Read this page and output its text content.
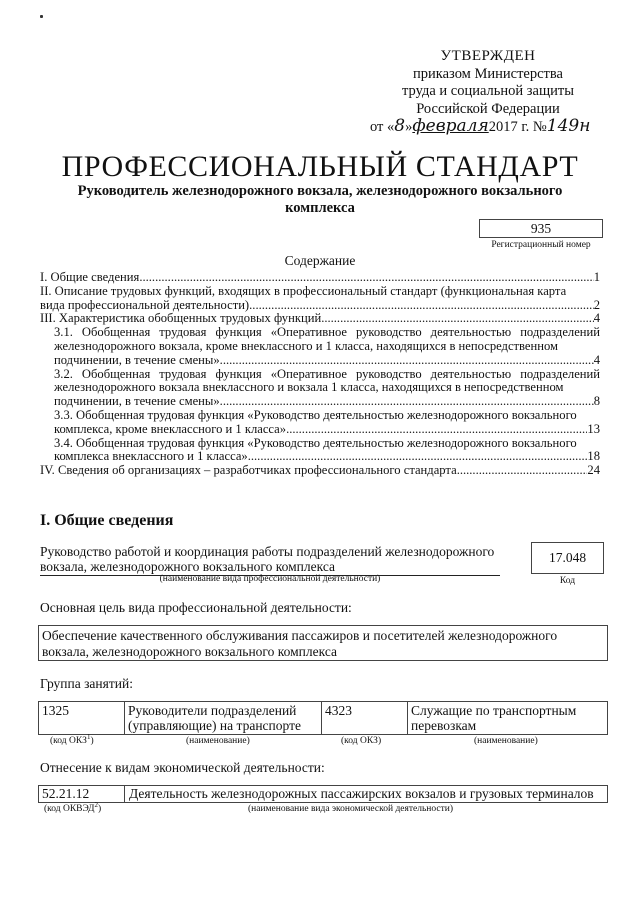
УТВЕРЖДЕН
приказом Министерства
труда и социальной защиты
Российской Федерации
от «8»февраля2017 г. №149н
ПРОФЕССИОНАЛЬНЫЙ СТАНДАРТ
Руководитель железнодорожного вокзала, железнодорожного вокзального
комплекса
935
Регистрационный номер
Содержание
I. Общие сведения .....	1
II. Описание трудовых функций, входящих в профессиональный стандарт (функциональная карта
вида профессиональной деятельности) .....	2
III. Характеристика обобщенных трудовых функций .....	4
3.1. Обобщенная трудовая функция «Оперативное руководство деятельностью подразделений железнодорожного вокзала, кроме внеклассного и 1 класса, находящихся в непосредственном
подчинении, в течение смены» .....	4
3.2. Обобщенная трудовая функция «Оперативное руководство деятельностью подразделений железнодорожного вокзала внеклассного и вокзала 1 класса, находящихся в непосредственном
подчинении, в течение смены» .....	8
3.3. Обобщенная трудовая функция «Руководство деятельностью железнодорожного вокзального
комплекса, кроме внеклассного и 1 класса» .....	13
3.4. Обобщенная трудовая функция «Руководство деятельностью железнодорожного вокзального
комплекса внеклассного и 1 класса» .....	18
IV. Сведения об организациях – разработчиках профессионального стандарта .....	24
I. Общие сведения
Руководство работой и координация работы подразделений железнодорожного вокзала, железнодорожного вокзального комплекса
(наименование вида профессиональной деятельности)
17.048
Код
Основная цель вида профессиональной деятельности:
Обеспечение качественного обслуживания пассажиров и посетителей железнодорожного вокзала, железнодорожного вокзального комплекса
Группа занятий:
1325	Руководители подразделений (управляющие) на транспорте	4323	Служащие по транспортным перевозкам
(код ОКЗ$^1$)	(наименование)	(код ОКЗ)	(наименование)
Отнесение к видам экономической деятельности:
52.21.12	Деятельность железнодорожных пассажирских вокзалов и грузовых терминалов
(код ОКВЭД$^2$)	(наименование вида экономической деятельности)
